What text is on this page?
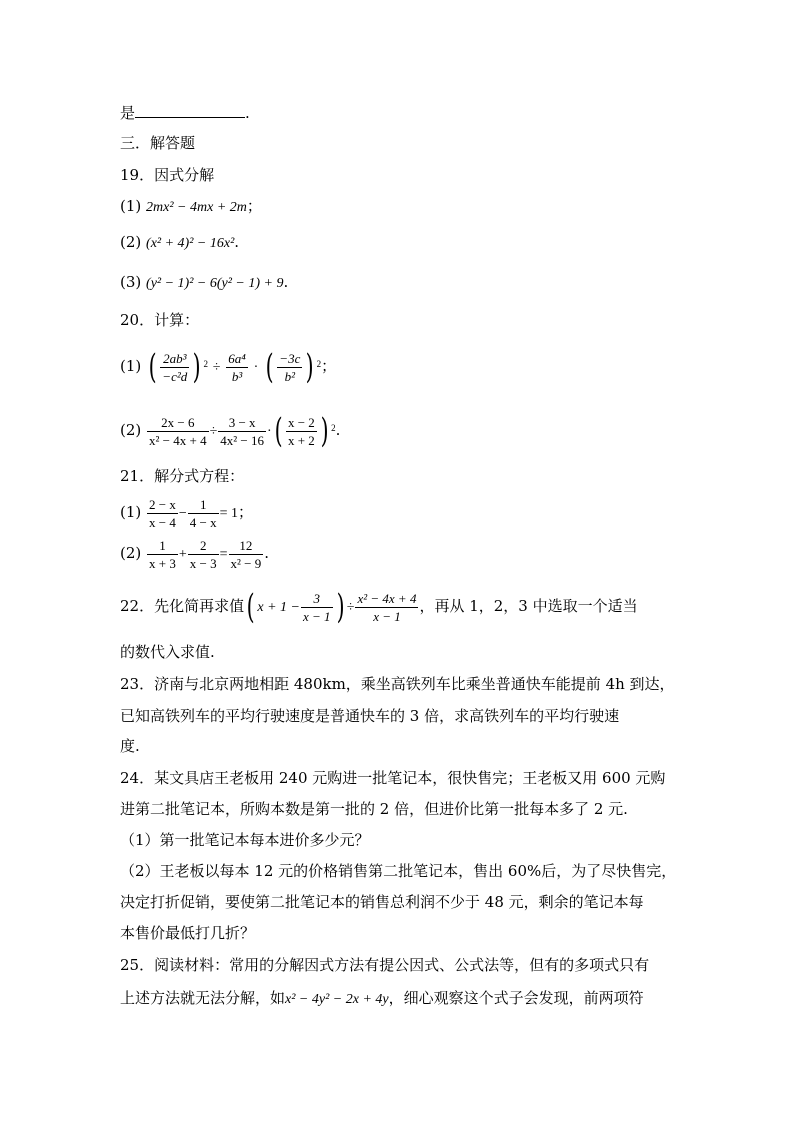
是	.
三．解答题
19．因式分解
(1) 2mx² − 4mx + 2m；
(2) (x² + 4)² − 16x².
(3) (y² − 1)² − 6(y² − 1) + 9.
20．计算：
(1) ( $\frac{\text{2ab³}}{\text{−c²d}}$ ) $^2 \div \frac{\text{6a⁴}}{\text{b³}}$ · ( $\frac{-3c}{\text{b²}}$ ) $^2$；
$(2) \frac{2x - 6}{\text{x² − 4x + 4}} \div \frac{3 - x}{\text{4x² − 16}}$ ·( $\frac{x - 2}{x + 2}$ ) $^2$.
21．解分式方程：
$(1) \frac{2 - x}{x - 4} - \frac{1}{4 - x} = 1$；
$(2) \frac{1}{x + 3} + \frac{2}{x - 3} = \frac{12}{\text{x² − 9}}$ .
22．先化简再求值( $x + 1 - \frac{3}{x - 1}$ ) ÷ $\frac{\text{x² − 4x + 4}}{x - 1}$ ，再从 1，2，3 中选取一个适当
的数代入求值.
23．济南与北京两地相距 480km，乘坐高铁列车比乘坐普通快车能提前 4h 到达，
已知高铁列车的平均行驶速度是普通快车的 3 倍，求高铁列车的平均行驶速
度.
24．某文具店王老板用 240 元购进一批笔记本，很快售完；王老板又用 600 元购
进第二批笔记本，所购本数是第一批的 2 倍，但进价比第一批每本多了 2 元.
（1）第一批笔记本每本进价多少元？
（2）王老板以每本 12 元的价格销售第二批笔记本，售出 60%后，为了尽快售完，
决定打折促销，要使第二批笔记本的销售总利润不少于 48 元，剩余的笔记本每
本售价最低打几折？
25．阅读材料：常用的分解因式方法有提公因式、公式法等，但有的多项式只有
上述方法就无法分解，如x² − 4y² − 2x + 4y，细心观察这个式子会发现，前两项符
